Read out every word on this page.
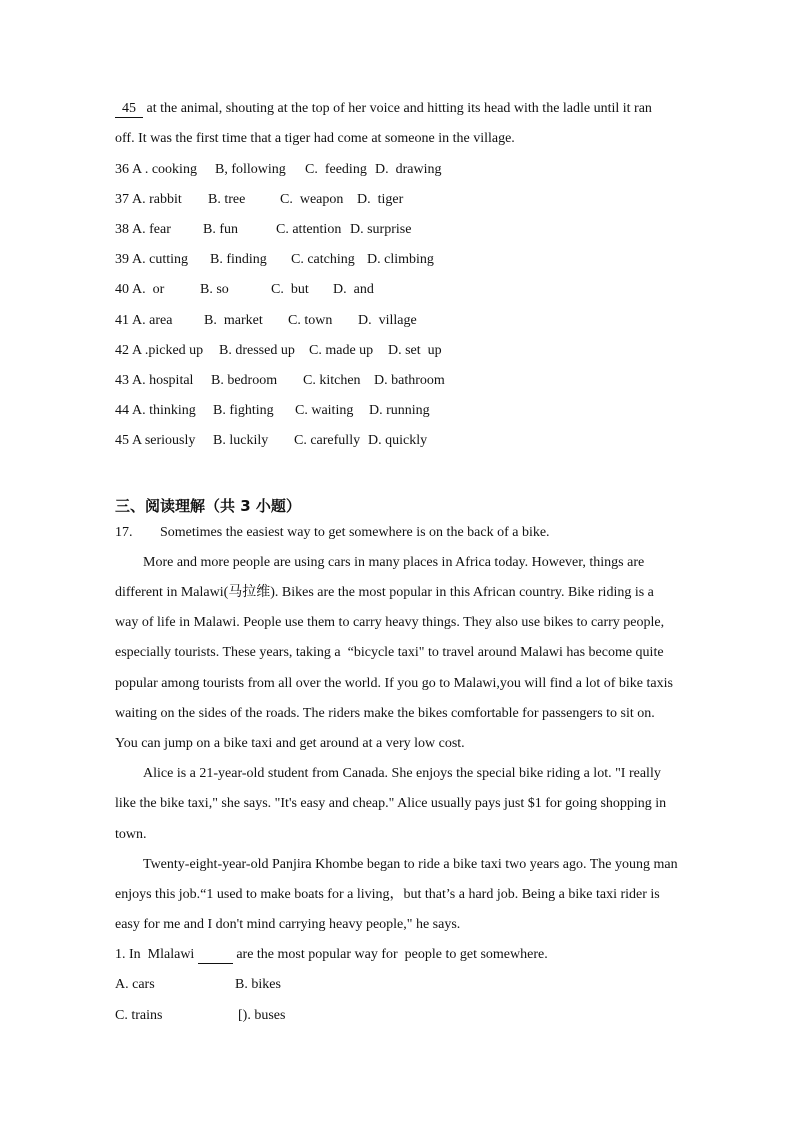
45   at the animal, shouting at the top of her voice and hitting its head with the ladle until it ran
off. It was the first time that a tiger had come at someone in the village.
36 A . cooking B, following C.  feeding D.  drawing
37 A. rabbit B. tree C.  weapon D.  tiger
38 A. fear B. fun	C. attention D. surprise
39 A. cutting B. finding C. catching D. climbing
40 A.  or	B. so	C.  but D.  and
41 A. area B.  market C. town D.  village
42 A .picked up B. dressed up C. made up D. set  up
43 A. hospital B. bedroom C. kitchen D. bathroom
44 A. thinking B. fighting C. waiting D. running
45 A seriously B. luckily C. carefully D. quickly
三、阅读理解（共 3 小题）
17. Sometimes the easiest way to get somewhere is on the back of a bike.
More and more people are using cars in many places in Africa today. However, things are
different in Malawi(马拉维). Bikes are the most popular in this African country. Bike riding is a
way of life in Malawi. People use them to carry heavy things. They also use bikes to carry people,
especially tourists. These years, taking a  “bicycle taxi" to travel around Malawi has become quite
popular among tourists from all over the world. If you go to Malawi,you will find a lot of bike taxis
waiting on the sides of the roads. The riders make the bikes comfortable for passengers to sit on.
You can jump on a bike taxi and get around at a very low cost.
Alice is a 21-year-old student from Canada. She enjoys the special bike riding a lot. "I really
like the bike taxi," she says. "It's easy and cheap." Alice usually pays just $1 for going shopping in
town.
Twenty-eight-year-old Panjira Khombe began to ride a bike taxi two years ago. The young man
enjoys this job.“1 used to make boats for a living，but that’s a hard job. Being a bike taxi rider is
easy for me and I don't mind carrying heavy people," he says.
1. In  Mlalawi	are the most popular way for  people to get somewhere.
A. cars	B. bikes
C. trains	[). buses
